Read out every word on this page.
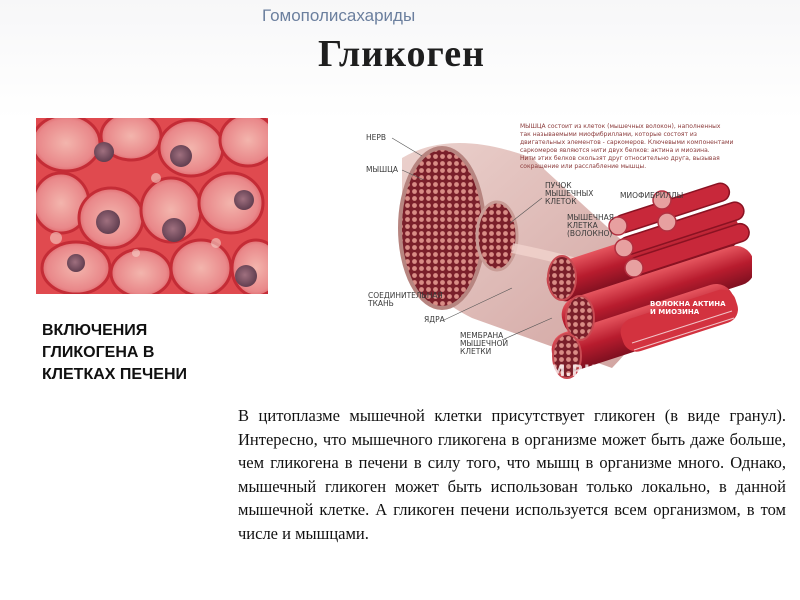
Гомополисахариды
Гликоген
ВКЛЮЧЕНИЯ
ГЛИКОГЕНА В
КЛЕТКАХ ПЕЧЕНИ
НЕРВ
МЫШЦА
ПУЧОК
МЫШЕЧНЫХ
КЛЕТОК
МЫШЕЧНАЯ
КЛЕТКА
(ВОЛОКНО)
МИОФИБРИЛЛЫ
СОЕДИНИТЕЛЬНАЯ
ТКАНЬ
ЯДРА
МЕМБРАНА
МЫШЕЧНОЙ
КЛЕТКИ
ВОЛОКНА АКТИНА
И МИОЗИНА
САРКОМЕР
МЫШЦА состоит из клеток (мышечных волокон), наполненных
так называемыми миофибриллами, которые состоят из
двигательных элементов - саркомеров. Ключевыми компонентами
саркомеров являются нити двух белков: актина и миозина.
Нити этих белков скользят друг относительно друга, вызывая
сокращение или расслабление мышцы.
GGYM.RU
В цитоплазме мышечной клетки присутствует гликоген (в виде гранул). Интересно, что мышечного гликогена в организме может быть даже больше, чем гликогена в печени в силу того, что мышц в организме много. Однако, мышечный гликоген может быть использован только локально, в данной мышечной клетке. А гликоген печени используется всем организмом, в том числе и мышцами.
